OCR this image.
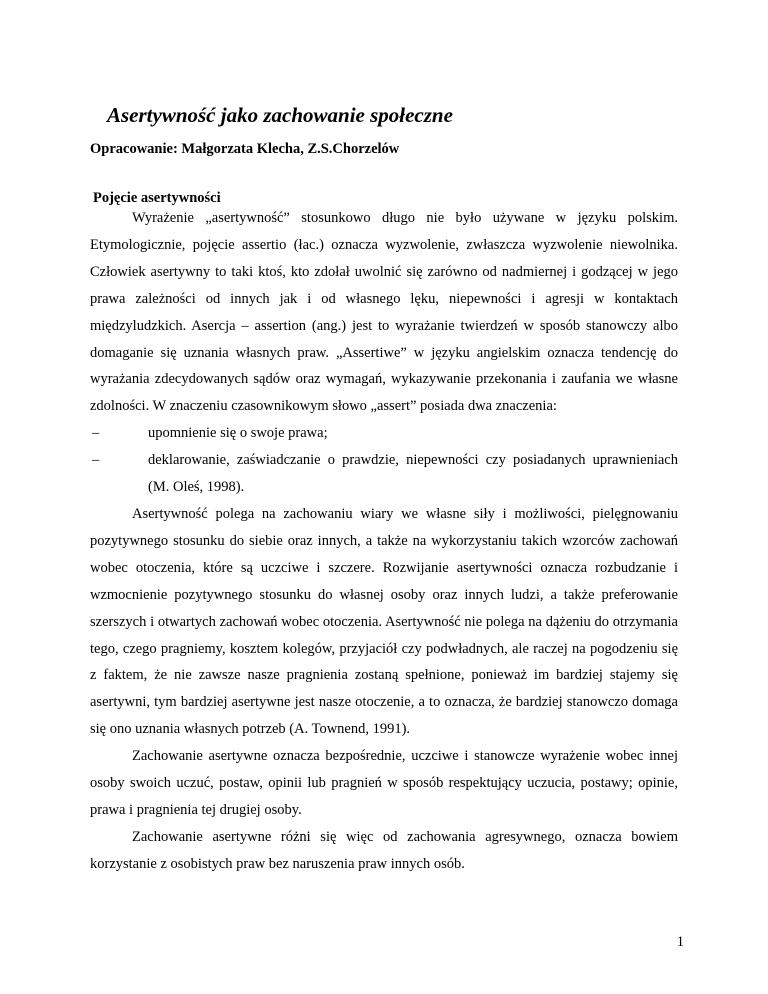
Asertywność jako zachowanie społeczne

Opracowanie: Małgorzata Klecha, Z.S.Chorzelów

Pojęcie asertywności

Wyrażenie „asertywność” stosunkowo długo nie było używane w języku polskim. Etymologicznie, pojęcie assertio (łac.) oznacza wyzwolenie, zwłaszcza wyzwolenie niewolnika. Człowiek asertywny to taki ktoś, kto zdołał uwolnić się zarówno od nadmiernej i godzącej w jego prawa zależności od innych jak i od własnego lęku, niepewności i agresji w kontaktach międzyludzkich. Asercja – assertion (ang.) jest to wyrażanie twierdzeń w sposób stanowczy albo domaganie się uznania własnych praw. „Assertiwe” w języku angielskim oznacza tendencję do wyrażania zdecydowanych sądów oraz wymagań, wykazywanie przekonania i zaufania we własne zdolności. W znaczeniu czasownikowym słowo „assert” posiada dwa znaczenia:

–	upomnienie się o swoje prawa;
–	deklarowanie, zaświadczanie o prawdzie, niepewności czy posiadanych uprawnieniach (M. Oleś, 1998).

Asertywność polega na zachowaniu wiary we własne siły i możliwości, pielęgnowaniu pozytywnego stosunku do siebie oraz innych, a także na wykorzystaniu takich wzorców zachowań wobec otoczenia, które są uczciwe i szczere. Rozwijanie asertywności oznacza rozbudzanie i wzmocnienie pozytywnego stosunku do własnej osoby oraz innych ludzi, a także preferowanie szerszych i otwartych zachowań wobec otoczenia. Asertywność nie polega na dążeniu do otrzymania tego, czego pragniemy, kosztem kolegów, przyjaciół czy podwładnych, ale raczej na pogodzeniu się z faktem, że nie zawsze nasze pragnienia zostaną spełnione, ponieważ im bardziej stajemy się asertywni, tym bardziej asertywne jest nasze otoczenie, a to oznacza, że bardziej stanowczo domaga się ono uznania własnych potrzeb (A. Townend, 1991).

Zachowanie asertywne oznacza bezpośrednie, uczciwe i stanowcze wyrażenie wobec innej osoby swoich uczuć, postaw, opinii lub pragnień w sposób respektujący uczucia, postawy; opinie, prawa i pragnienia tej drugiej osoby.

Zachowanie asertywne różni się więc od zachowania agresywnego, oznacza bowiem korzystanie z osobistych praw bez naruszenia praw innych osób.

1
